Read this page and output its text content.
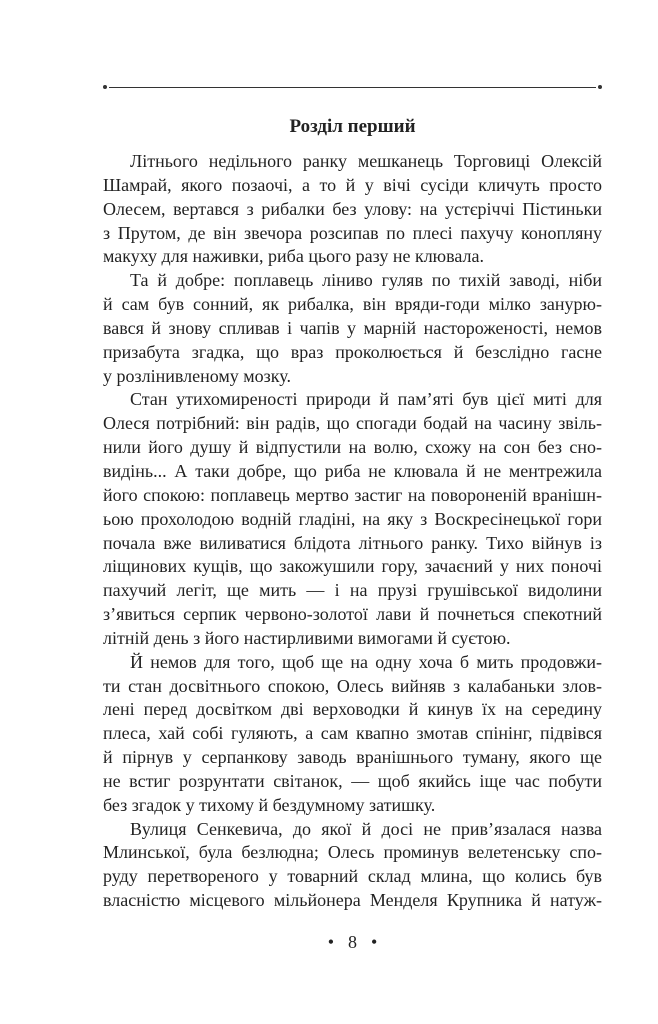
Розділ перший

Літнього недільного ранку мешканець Торговиці Олексій
Шамрай, якого позаочі, а то й у вічі сусіди кличуть просто
Олесем, вертався з рибалки без улову: на устєріччі Пістиньки
з Прутом, де він звечора розсипав по плесі пахучу конопляну
макуху для наживки, риба цього разу не клювала.

Та й добре: поплавець ліниво гуляв по тихій заводі, ніби
й сам був сонний, як рибалка, він вряди-годи мілко занурю-
вався й знову спливав і чапів у марній настороженості, немов
призабута згадка, що враз проколюється й безслідно гасне
у розлінивленому мозку.

Стан утихомиреності природи й пам’яті був цієї миті для
Олеся потрібний: він радів, що спогади бодай на часину звіль-
нили його душу й відпустили на волю, схожу на сон без сно-
видінь... А таки добре, що риба не клювала й не ментрежила
його спокою: поплавець мертво застиг на повороненій вранішн-
ьою прохолодою водній гладіні, на яку з Воскресінецької гори
почала вже виливатися блідота літнього ранку. Тихо війнув із
ліщинових кущів, що закожушили гору, зачаєний у них поночі
пахучий легіт, ще мить — і на прузі грушівської видолини
з’явиться серпик червоно-золотої лави й почнеться спекотний
літній день з його настирливими вимогами й суєтою.

Й немов для того, щоб ще на одну хоча б мить продовжи-
ти стан досвітнього спокою, Олесь вийняв з калабаньки злов-
лені перед досвітком дві верховодки й кинув їх на середину
плеса, хай собі гуляють, а сам квапно змотав спінінг, підвівся
й пірнув у серпанкову заводь вранішнього туману, якого ще
не встиг розрунтати світанок, — щоб якийсь іще час побути
без згадок у тихому й бездумному затишку.

Вулиця Сенкевича, до якої й досі не прив’язалася назва
Млинської, була безлюдна; Олесь проминув велетенську спо-
руду перетвореного у товарний склад млина, що колись був
власністю місцевого мільйонера Менделя Крупника й натуж-

• 8 •
